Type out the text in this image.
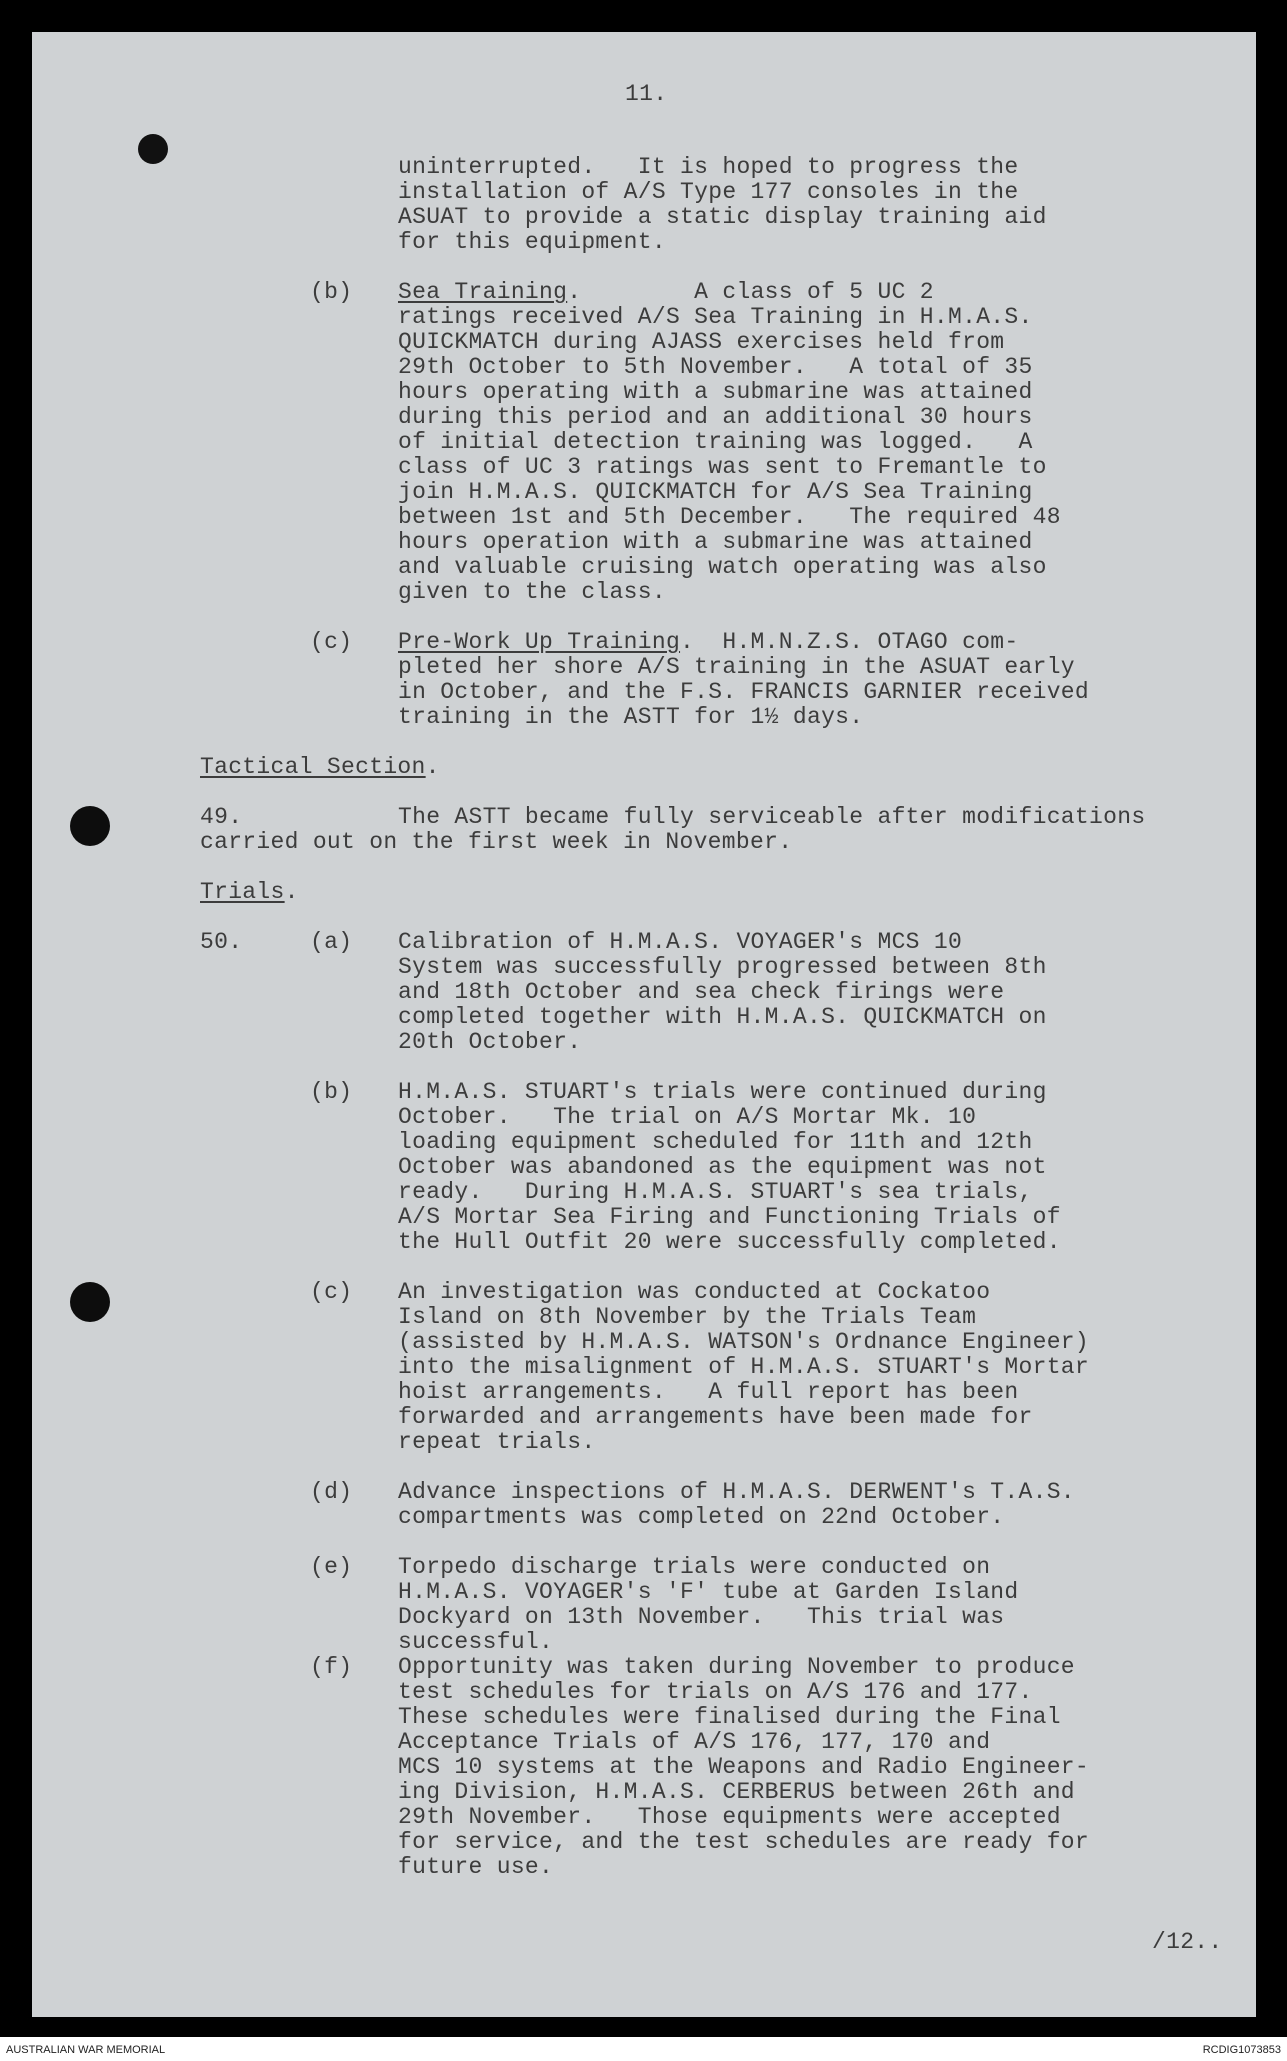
11.
uninterrupted.   It is hoped to progress the
installation of A/S Type 177 consoles in the
ASUAT to provide a static display training aid
for this equipment.
(b) Sea Training.        A class of 5 UC 2
ratings received A/S Sea Training in H.M.A.S.
QUICKMATCH during AJASS exercises held from
29th October to 5th November.   A total of 35
hours operating with a submarine was attained
during this period and an additional 30 hours
of initial detection training was logged.   A
class of UC 3 ratings was sent to Fremantle to
join H.M.A.S. QUICKMATCH for A/S Sea Training
between 1st and 5th December.   The required 48
hours operation with a submarine was attained
and valuable cruising watch operating was also
given to the class.
(c) Pre-Work Up Training.  H.M.N.Z.S. OTAGO com-
pleted her shore A/S training in the ASUAT early
in October, and the F.S. FRANCIS GARNIER received
training in the ASTT for 1½ days.
Tactical Section.
49.	The ASTT became fully serviceable after modifications
carried out on the first week in November.
Trials.
50.	(a) Calibration of H.M.A.S. VOYAGER's MCS 10
System was successfully progressed between 8th
and 18th October and sea check firings were
completed together with H.M.A.S. QUICKMATCH on
20th October.
(b) H.M.A.S. STUART's trials were continued during
October.   The trial on A/S Mortar Mk. 10
loading equipment scheduled for 11th and 12th
October was abandoned as the equipment was not
ready.   During H.M.A.S. STUART's sea trials,
A/S Mortar Sea Firing and Functioning Trials of
the Hull Outfit 20 were successfully completed.
(c) An investigation was conducted at Cockatoo
Island on 8th November by the Trials Team
(assisted by H.M.A.S. WATSON's Ordnance Engineer)
into the misalignment of H.M.A.S. STUART's Mortar
hoist arrangements.   A full report has been
forwarded and arrangements have been made for
repeat trials.
(d) Advance inspections of H.M.A.S. DERWENT's T.A.S.
compartments was completed on 22nd October.
(e) Torpedo discharge trials were conducted on
H.M.A.S. VOYAGER's 'F' tube at Garden Island
Dockyard on 13th November.   This trial was
successful.
(f) Opportunity was taken during November to produce
test schedules for trials on A/S 176 and 177.
These schedules were finalised during the Final
Acceptance Trials of A/S 176, 177, 170 and
MCS 10 systems at the Weapons and Radio Engineer-
ing Division, H.M.A.S. CERBERUS between 26th and
29th November.   Those equipments were accepted
for service, and the test schedules are ready for
future use.
/12..
AUSTRALIAN WAR MEMORIAL	RCDIG1073853
